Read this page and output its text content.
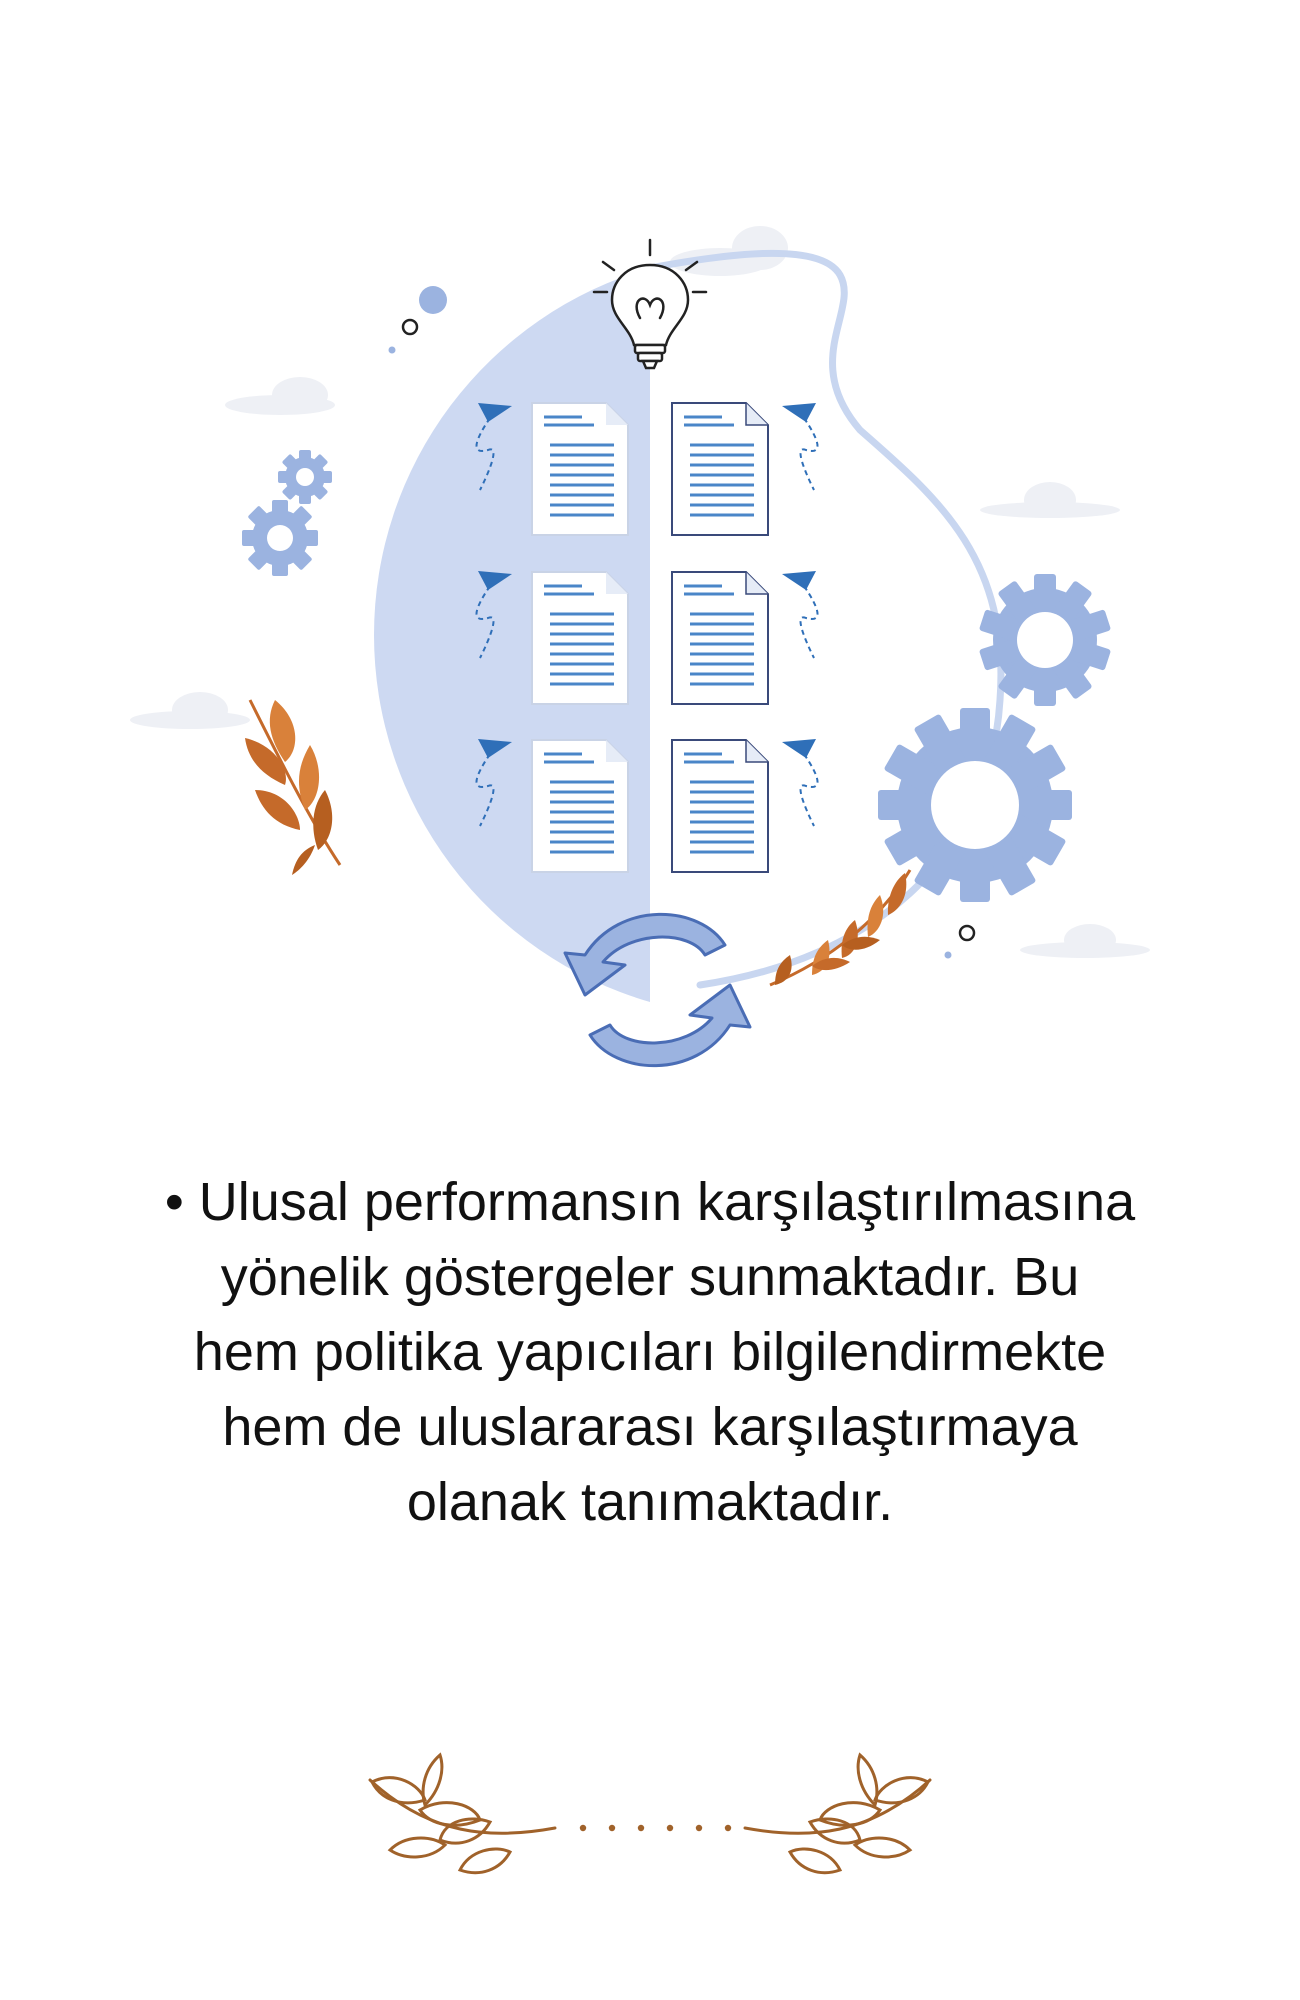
• Ulusal performansın karşılaştırılmasına
yönelik göstergeler sunmaktadır. Bu
hem politika yapıcıları bilgilendirmekte
hem de uluslararası karşılaştırmaya
olanak tanımaktadır.
